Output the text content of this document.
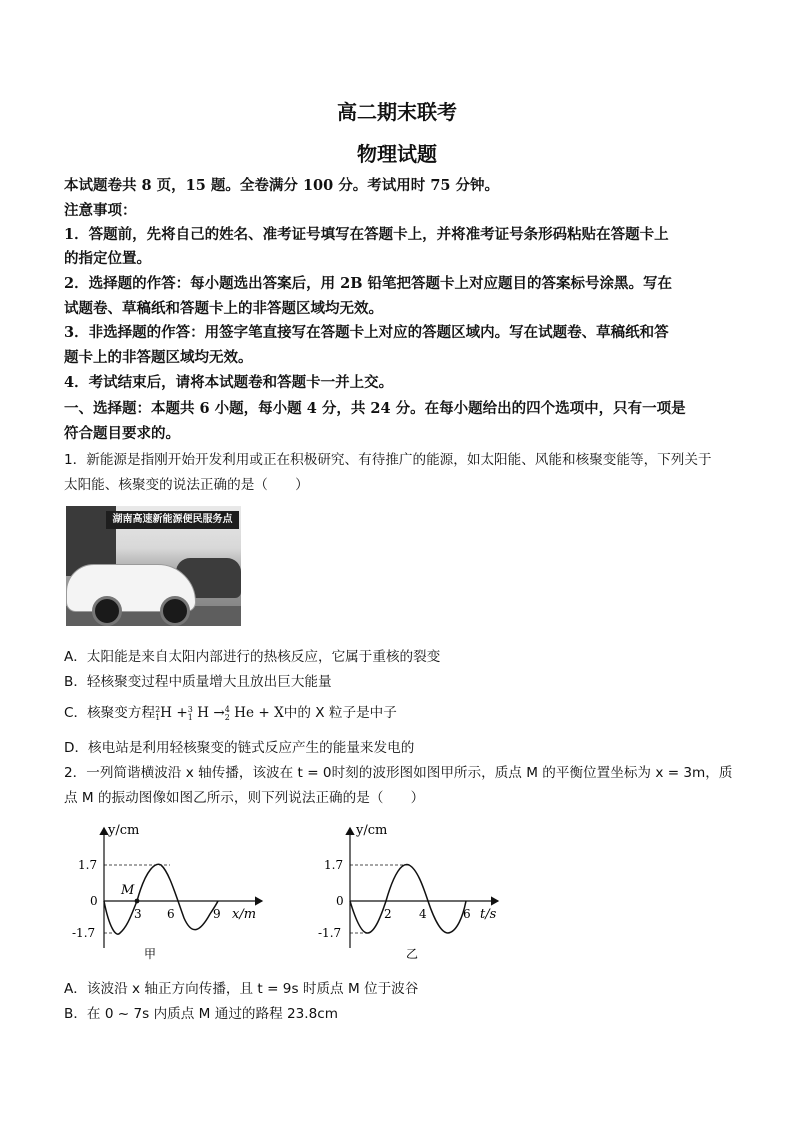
高二期末联考
物理试题
本试题卷共 8 页，15 题。全卷满分 100 分。考试用时 75 分钟。
注意事项：
1．答题前，先将自己的姓名、准考证号填写在答题卡上，并将准考证号条形码粘贴在答题卡上
的指定位置。
2．选择题的作答：每小题选出答案后，用 2B 铅笔把答题卡上对应题目的答案标号涂黑。写在
试题卷、草稿纸和答题卡上的非答题区域均无效。
3．非选择题的作答：用签字笔直接写在答题卡上对应的答题区域内。写在试题卷、草稿纸和答
题卡上的非答题区域均无效。
4．考试结束后，请将本试题卷和答题卡一并上交。
一、选择题：本题共 6 小题，每小题 4 分，共 24 分。在每小题给出的四个选项中，只有一项是
符合题目要求的。
1．新能源是指刚开始开发利用或正在积极研究、有待推广的能源，如太阳能、风能和核聚变能等，下列关于
太阳能、核聚变的说法正确的是（　　）
湖南高速新能源便民服务点
A．太阳能是来自太阳内部进行的热核反应，它属于重核的裂变
B．轻核聚变过程中质量增大且放出巨大能量
C．核聚变方程2
1H +3
1 H →4
2 He + X中的 X 粒子是中子
D．核电站是利用轻核聚变的链式反应产生的能量来发电的
2．一列简谐横波沿 x 轴传播，该波在 t = 0时刻的波形图如图甲所示，质点 M 的平衡位置坐标为 x = 3m，质
点 M 的振动图像如图乙所示，则下列说法正确的是（　　）
y/cm
1.7
0
-1.7
M
3 6	9 x/m
甲
y/cm
1.7
0
-1.7
2 4	6 t/s
乙
A．该波沿 x 轴正方向传播，且 t = 9s 时质点 M 位于波谷
B．在 0 ~ 7s 内质点 M 通过的路程 23.8cm
